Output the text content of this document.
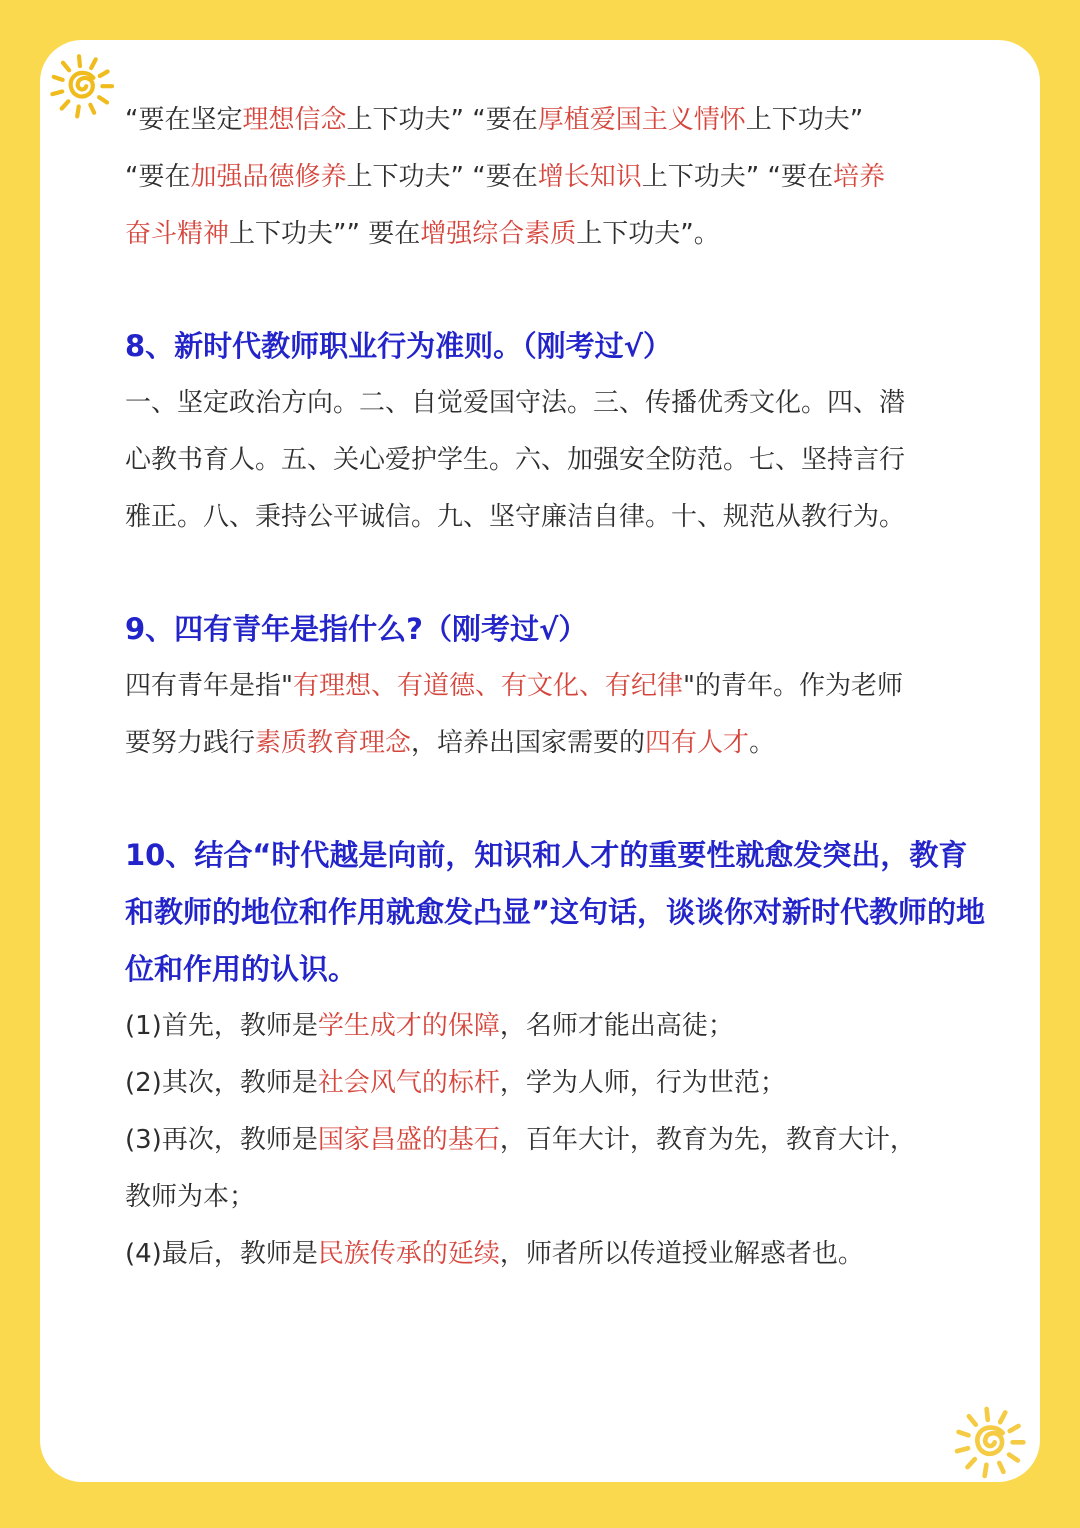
“要在坚定理想信念上下功夫” “要在厚植爱国主义情怀上下功夫”
“要在加强品德修养上下功夫” “要在增长知识上下功夫” “要在培养
奋斗精神上下功夫”” 要在增强综合素质上下功夫”。
8、新时代教师职业行为准则。（刚考过√）
一、坚定政治方向。二、自觉爱国守法。三、传播优秀文化。四、潜
心教书育人。五、关心爱护学生。六、加强安全防范。七、坚持言行
雅正。八、秉持公平诚信。九、坚守廉洁自律。十、规范从教行为。
9、四有青年是指什么?（刚考过√）
四有青年是指"有理想、有道德、有文化、有纪律"的青年。作为老师
要努力践行素质教育理念，培养出国家需要的四有人才。
10、结合“时代越是向前，知识和人才的重要性就愈发突出，教育
和教师的地位和作用就愈发凸显”这句话，谈谈你对新时代教师的地
位和作用的认识。
(1)首先，教师是学生成才的保障，名师才能出高徒；
(2)其次，教师是社会风气的标杆，学为人师，行为世范；
(3)再次，教师是国家昌盛的基石，百年大计，教育为先，教育大计，
教师为本；
(4)最后，教师是民族传承的延续，师者所以传道授业解惑者也。
